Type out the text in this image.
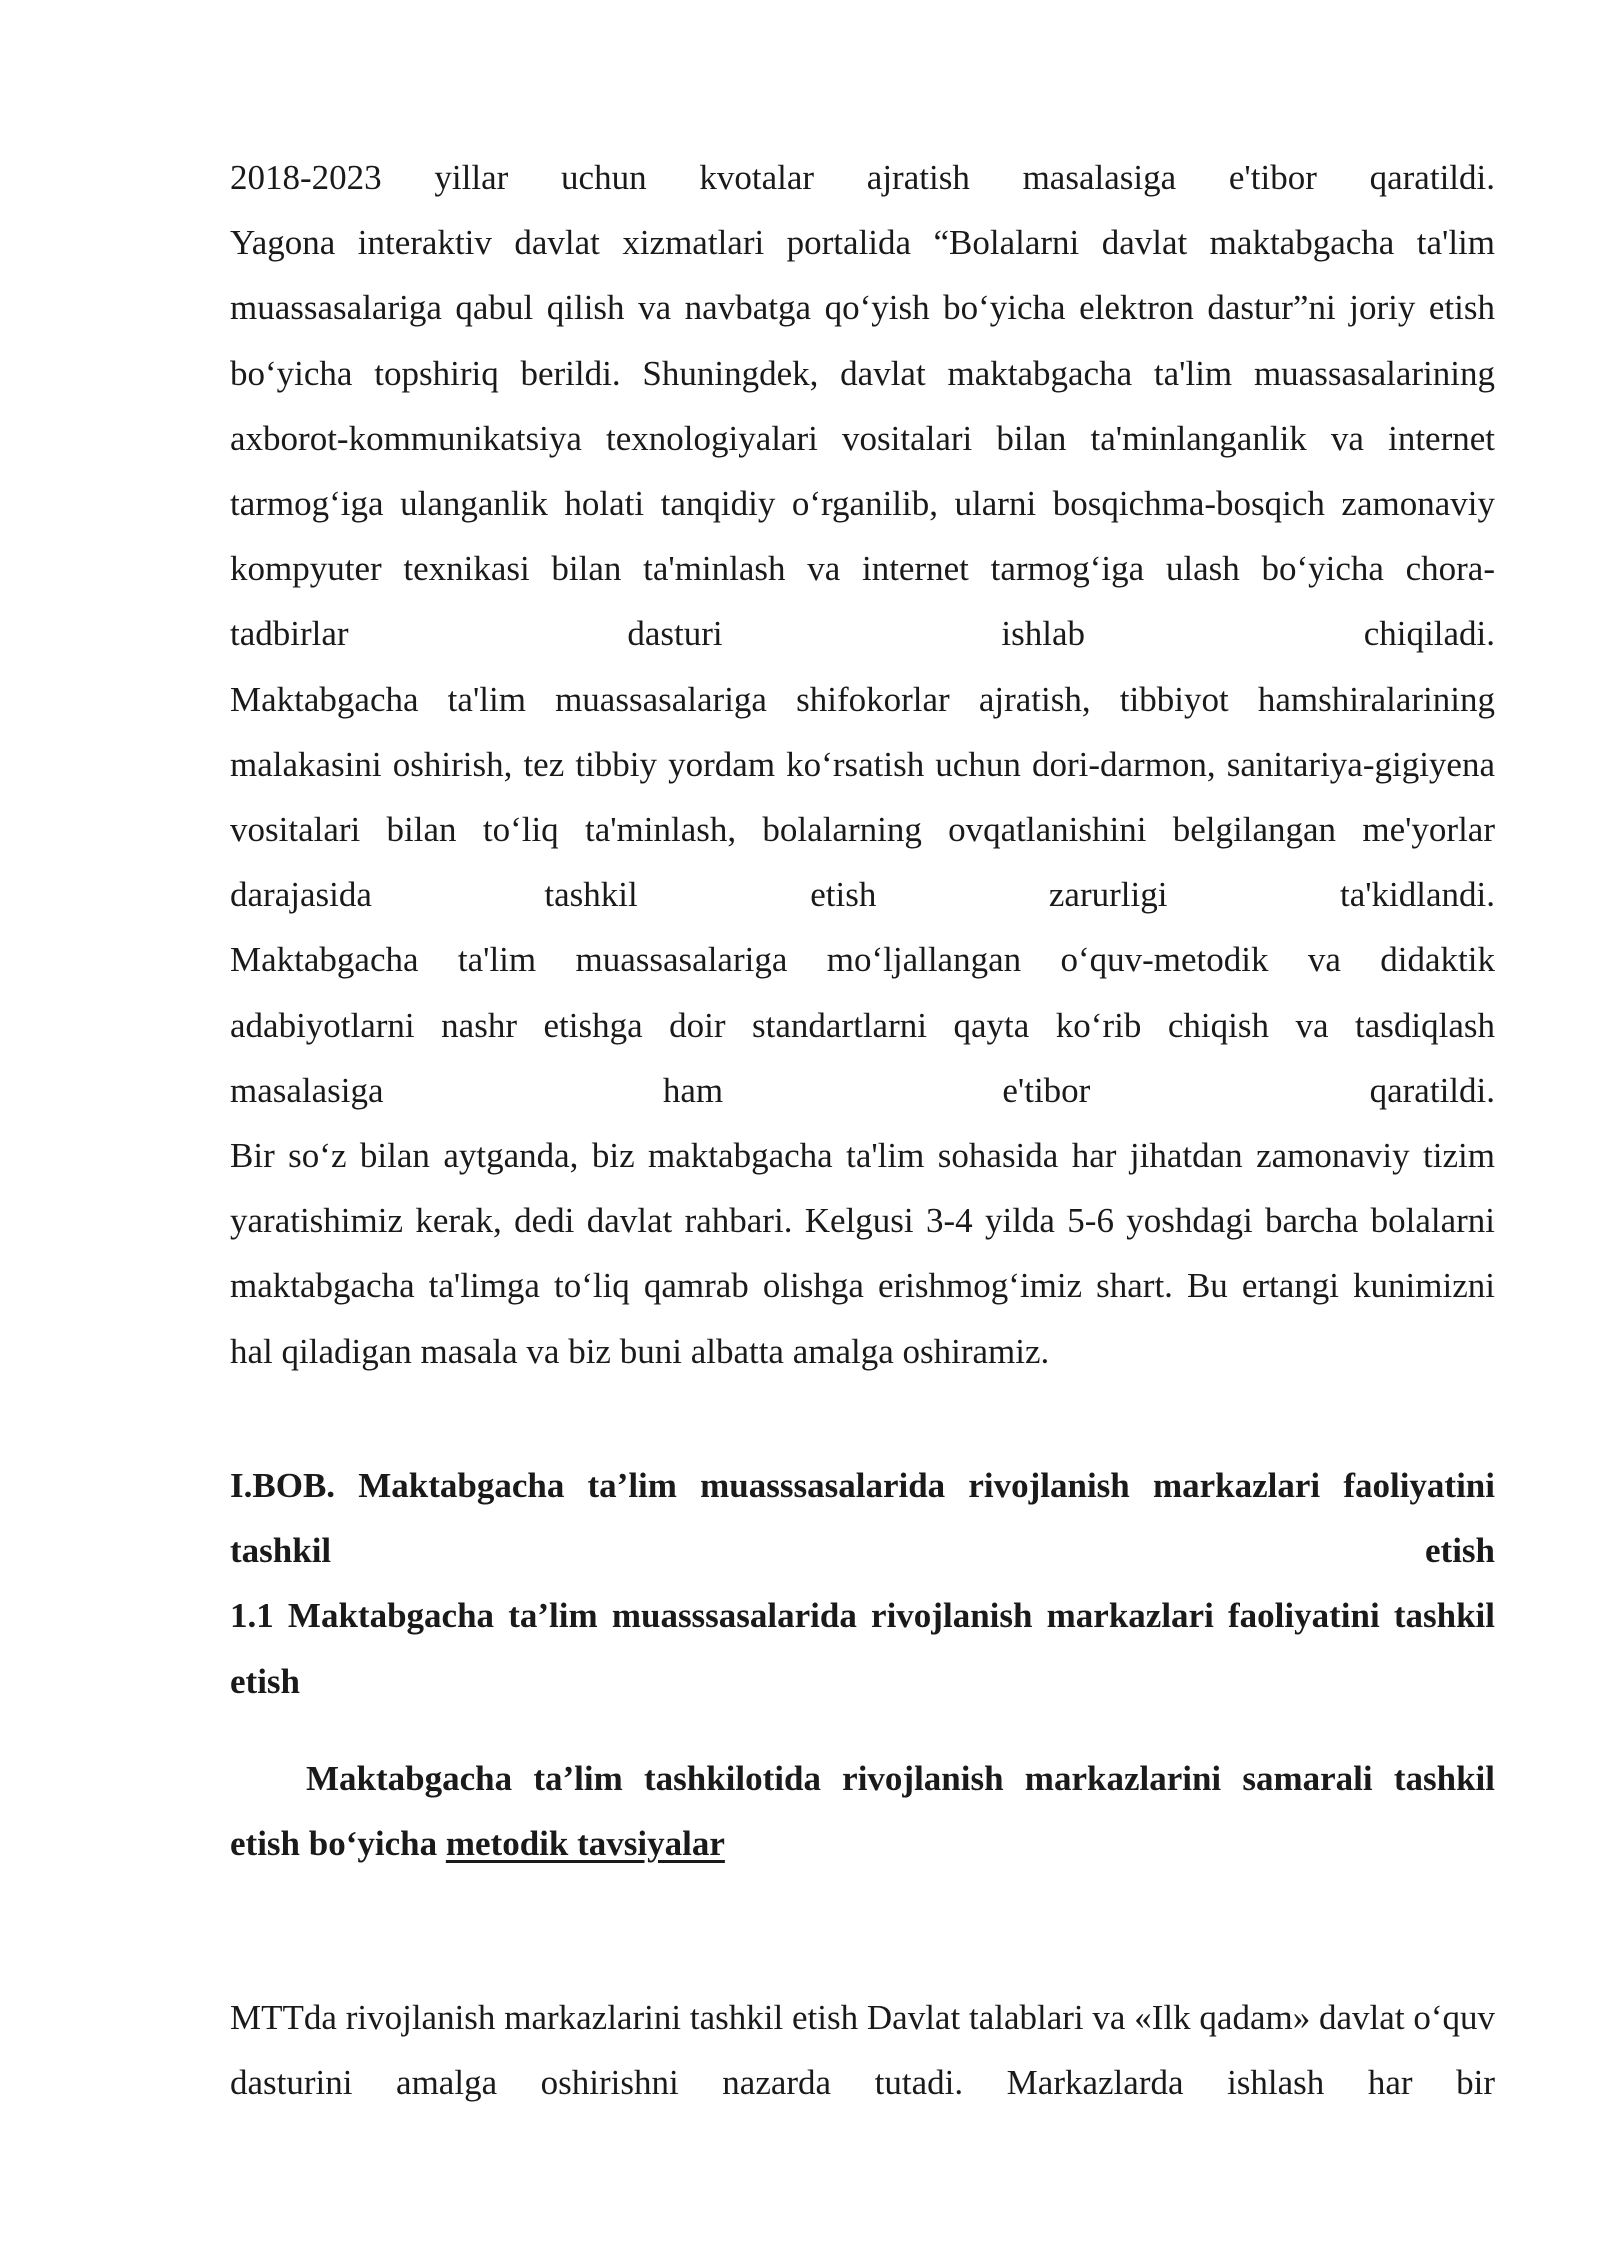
2018-2023 yillar uchun kvotalar ajratish masalasiga e'tibor qaratildi.

Yagona interaktiv davlat xizmatlari portalida “Bolalarni davlat maktabgacha ta'lim muassasalariga qabul qilish va navbatga qo‘yish bo‘yicha elektron dastur”ni joriy etish bo‘yicha topshiriq berildi. Shuningdek, davlat maktabgacha ta'lim muassasalarining axborot-kommunikatsiya texnologiyalari vositalari bilan ta'minlanganlik va internet tarmog‘iga ulanganlik holati tanqidiy o‘rganilib, ularni bosqichma-bosqich zamonaviy kompyuter texnikasi bilan ta'minlash va internet tarmog‘iga ulash bo‘yicha chora-tadbirlar dasturi ishlab chiqiladi.

Maktabgacha ta'lim muassasalariga shifokorlar ajratish, tibbiyot hamshiralarining malakasini oshirish, tez tibbiy yordam ko‘rsatish uchun dori-darmon, sanitariya-gigiyena vositalari bilan to‘liq ta'minlash, bolalarning ovqatlanishini belgilangan me'yorlar darajasida tashkil etish zarurligi ta'kidlandi.

Maktabgacha ta'lim muassasalariga mo‘ljallangan o‘quv-metodik va didaktik adabiyotlarni nashr etishga doir standartlarni qayta ko‘rib chiqish va tasdiqlash masalasiga ham e'tibor qaratildi.

Bir so‘z bilan aytganda, biz maktabgacha ta'lim sohasida har jihatdan zamonaviy tizim yaratishimiz kerak, dedi davlat rahbari. Kelgusi 3-4 yilda 5-6 yoshdagi barcha bolalarni maktabgacha ta'limga to‘liq qamrab olishga erishmog‘imiz shart. Bu ertangi kunimizni hal qiladigan masala va biz buni albatta amalga oshiramiz.

I.BOB. Maktabgacha ta’lim muasssasalarida rivojlanish markazlari faoliyatini tashkil etish

1.1 Maktabgacha ta’lim muasssasalarida rivojlanish markazlari faoliyatini tashkil etish

Maktabgacha ta’lim tashkilotida rivojlanish markazlarini samarali tashkil etish bo‘yicha metodik tavsiyalar

MTTda rivojlanish markazlarini tashkil etish Davlat talablari va «Ilk qadam» davlat o‘quv dasturini amalga oshirishni nazarda tutadi. Markazlarda ishlash har bir
